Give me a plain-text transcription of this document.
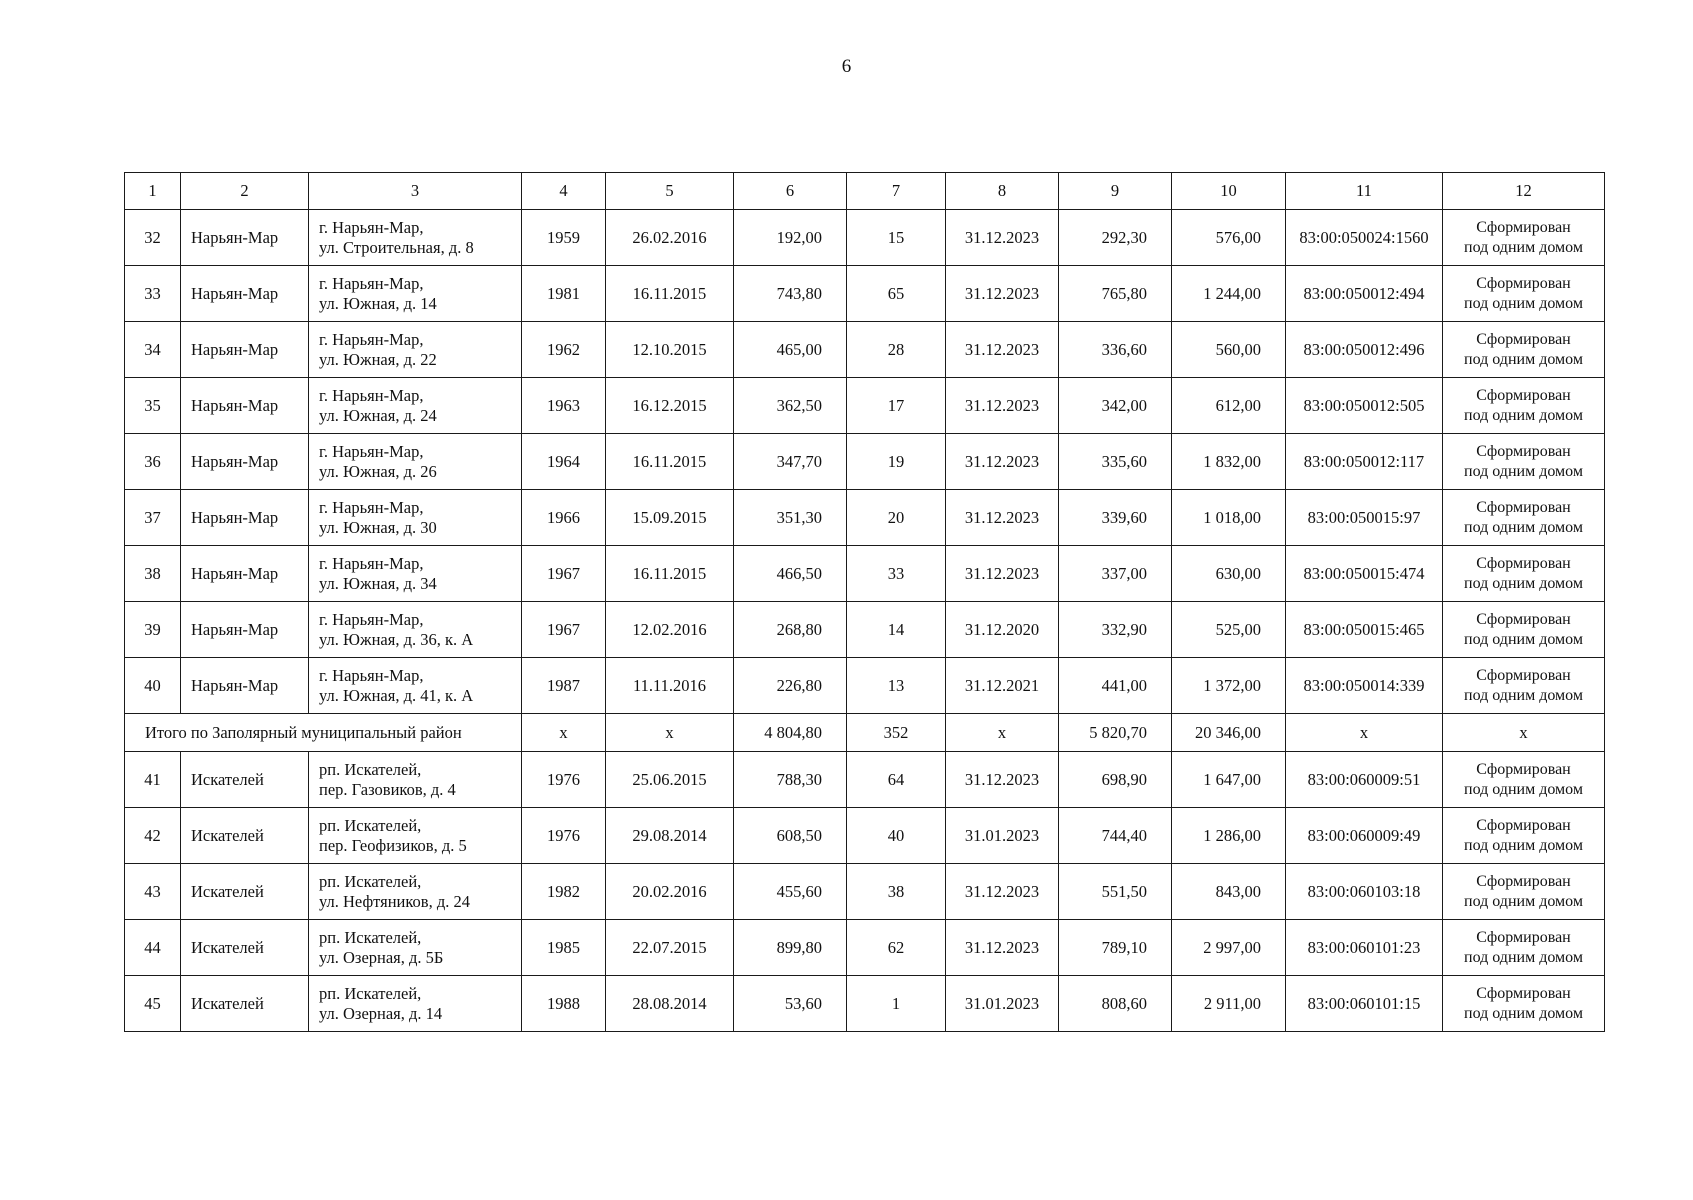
6
1	2	3	4	5	6	7	8	9	10	11	12
32	Нарьян-Мар	г. Нарьян-Мар,
ул. Строительная, д. 8	1959	26.02.2016	192,00	15	31.12.2023	292,30	576,00	83:00:050024:1560	Сформирован
под одним домом

33	Нарьян-Мар	г. Нарьян-Мар,
ул. Южная, д. 14	1981	16.11.2015	743,80	65	31.12.2023	765,80	1 244,00	83:00:050012:494	Сформирован
под одним домом

34	Нарьян-Мар	г. Нарьян-Мар,
ул. Южная, д. 22	1962	12.10.2015	465,00	28	31.12.2023	336,60	560,00	83:00:050012:496	Сформирован
под одним домом

35	Нарьян-Мар	г. Нарьян-Мар,
ул. Южная, д. 24	1963	16.12.2015	362,50	17	31.12.2023	342,00	612,00	83:00:050012:505	Сформирован
под одним домом

36	Нарьян-Мар	г. Нарьян-Мар,
ул. Южная, д. 26	1964	16.11.2015	347,70	19	31.12.2023	335,60	1 832,00	83:00:050012:117	Сформирован
под одним домом

37	Нарьян-Мар	г. Нарьян-Мар,
ул. Южная, д. 30	1966	15.09.2015	351,30	20	31.12.2023	339,60	1 018,00	83:00:050015:97	Сформирован
под одним домом

38	Нарьян-Мар	г. Нарьян-Мар,
ул. Южная, д. 34	1967	16.11.2015	466,50	33	31.12.2023	337,00	630,00	83:00:050015:474	Сформирован
под одним домом

39	Нарьян-Мар	г. Нарьян-Мар,
ул. Южная, д. 36, к. А	1967	12.02.2016	268,80	14	31.12.2020	332,90	525,00	83:00:050015:465	Сформирован
под одним домом

40	Нарьян-Мар	г. Нарьян-Мар,
ул. Южная, д. 41, к. А	1987	11.11.2016	226,80	13	31.12.2021	441,00	1 372,00	83:00:050014:339	Сформирован
под одним домом

Итого по Заполярный муниципальный район			x	x	4 804,80	352	x	5 820,70	20 346,00	x	x
41	Искателей	рп. Искателей,
пер. Газовиков, д. 4	1976	25.06.2015	788,30	64	31.12.2023	698,90	1 647,00	83:00:060009:51	Сформирован
под одним домом

42	Искателей	рп. Искателей,
пер. Геофизиков, д. 5	1976	29.08.2014	608,50	40	31.01.2023	744,40	1 286,00	83:00:060009:49	Сформирован
под одним домом

43	Искателей	рп. Искателей,
ул. Нефтяников, д. 24	1982	20.02.2016	455,60	38	31.12.2023	551,50	843,00	83:00:060103:18	Сформирован
под одним домом

44	Искателей	рп. Искателей,
ул. Озерная, д. 5Б	1985	22.07.2015	899,80	62	31.12.2023	789,10	2 997,00	83:00:060101:23	Сформирован
под одним домом

45	Искателей	рп. Искателей,
ул. Озерная, д. 14	1988	28.08.2014	53,60	1	31.01.2023	808,60	2 911,00	83:00:060101:15	Сформирован
под одним домом
